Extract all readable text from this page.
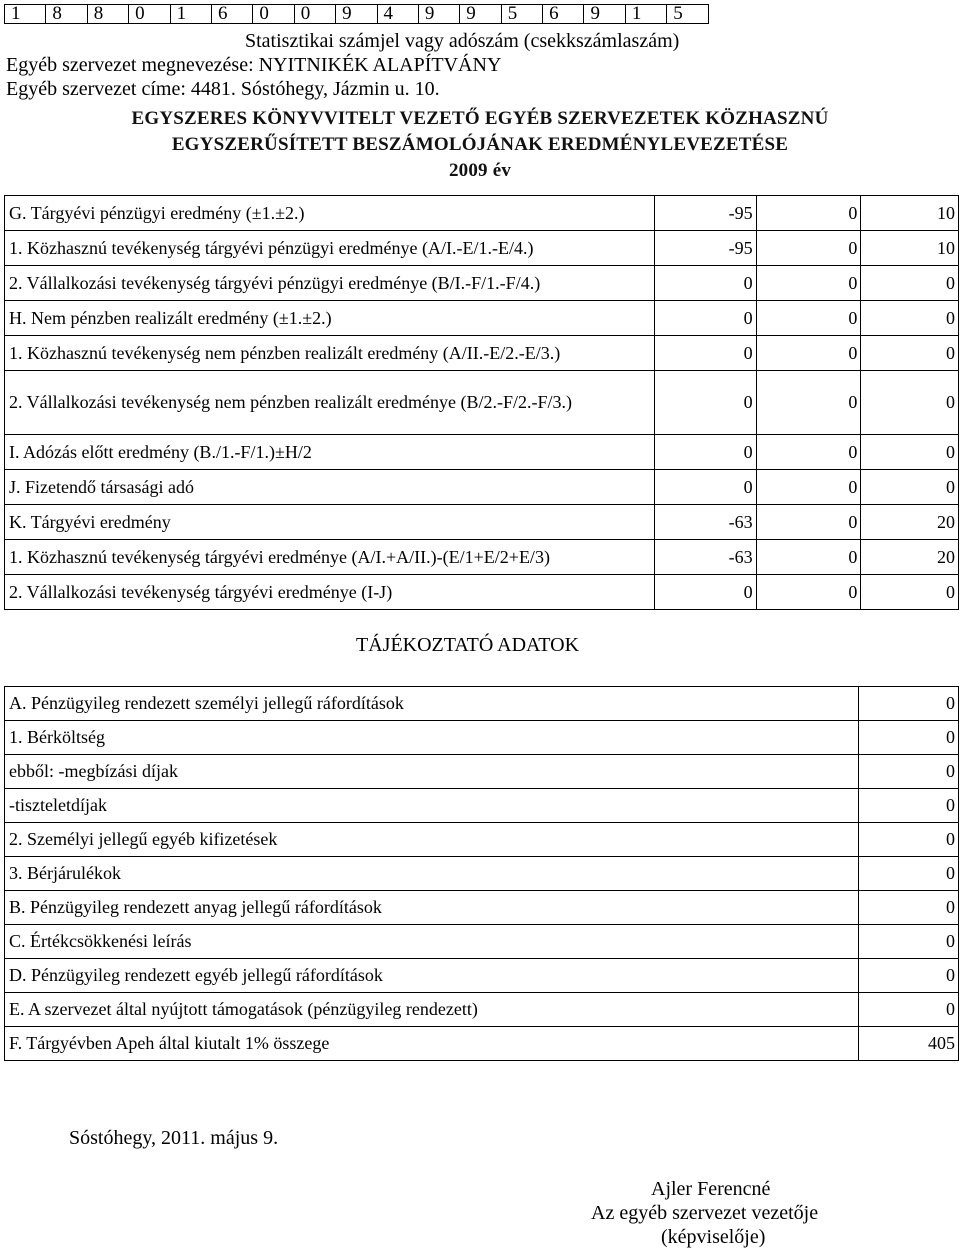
1	8	8	0	1	6	0	0	9	4	9	9	5	6	9	1	5
Statisztikai számjel vagy adószám (csekkszámlaszám)
Egyéb szervezet megnevezése: NYITNIKÉK ALAPÍTVÁNY
Egyéb szervezet címe: 4481. Sóstóhegy, Jázmin u. 10.
EGYSZERES KÖNYVVITELT VEZETŐ EGYÉB SZERVEZETEK KÖZHASZNÚ
EGYSZERŰSÍTETT BESZÁMOLÓJÁNAK EREDMÉNYLEVEZETÉSE
2009 év
G. Tárgyévi pénzügyi eredmény (±1.±2.)	-95	0	10
1. Közhasznú tevékenység tárgyévi pénzügyi eredménye (A/I.-E/1.-E/4.)	-95	0	10
2. Vállalkozási tevékenység tárgyévi pénzügyi eredménye (B/I.-F/1.-F/4.)	0	0	0
H. Nem pénzben realizált eredmény (±1.±2.)	0	0	0
1. Közhasznú tevékenység nem pénzben realizált eredmény (A/II.-E/2.-E/3.)	0	0	0
2. Vállalkozási tevékenység nem pénzben realizált eredménye (B/2.-F/2.-F/3.)	0	0	0
I. Adózás előtt eredmény (B./1.-F/1.)±H/2	0	0	0
J. Fizetendő társasági adó	0	0	0
K. Tárgyévi eredmény	-63	0	20
1. Közhasznú tevékenység tárgyévi eredménye (A/I.+A/II.)-(E/1+E/2+E/3)	-63	0	20
2. Vállalkozási tevékenység tárgyévi eredménye (I-J)	0	0	0
TÁJÉKOZTATÓ ADATOK
A. Pénzügyileg rendezett személyi jellegű ráfordítások	0
1. Bérköltség	0
ebből: -megbízási díjak	0
-tiszteletdíjak	0
2. Személyi jellegű egyéb kifizetések	0
3. Bérjárulékok	0
B. Pénzügyileg rendezett anyag jellegű ráfordítások	0
C. Értékcsökkenési leírás	0
D. Pénzügyileg rendezett egyéb jellegű ráfordítások	0
E. A szervezet által nyújtott támogatások (pénzügyileg rendezett)	0
F. Tárgyévben Apeh által kiutalt 1% összege	405
Sóstóhegy, 2011. május 9.
Ajler Ferencné
Az egyéb szervezet vezetője
(képviselője)
